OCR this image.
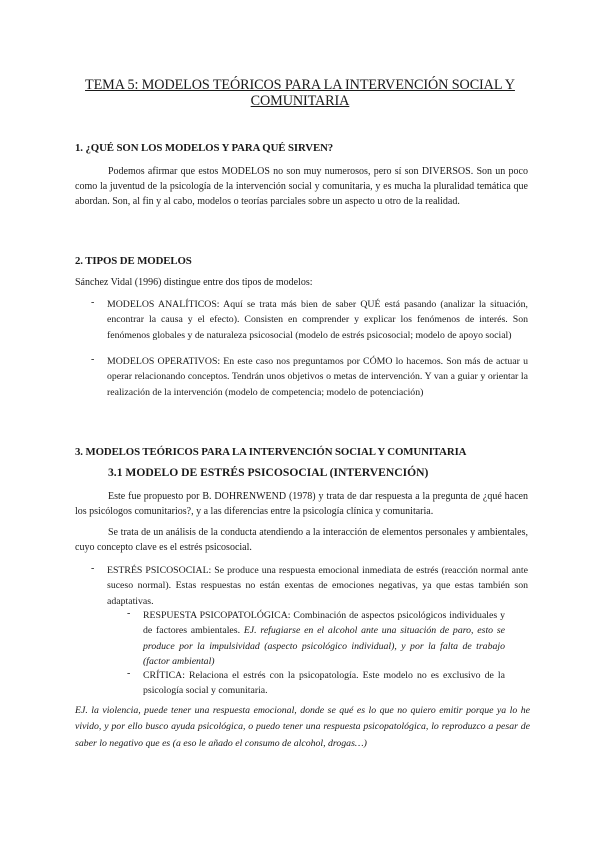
TEMA 5: MODELOS TEÓRICOS PARA LA INTERVENCIÓN SOCIAL Y COMUNITARIA
1. ¿QUÉ SON LOS MODELOS Y PARA QUÉ SIRVEN?

Podemos afirmar que estos MODELOS no son muy numerosos, pero sí son DIVERSOS. Son un poco como la juventud de la psicología de la intervención social y comunitaria, y es mucha la pluralidad temática que abordan. Son, al fin y al cabo, modelos o teorías parciales sobre un aspecto u otro de la realidad.

2. TIPOS DE MODELOS

Sánchez Vidal (1996) distingue entre dos tipos de modelos:

- MODELOS ANALÍTICOS: Aquí se trata más bien de saber QUÉ está pasando (analizar la situación, encontrar la causa y el efecto). Consisten en comprender y explicar los fenómenos de interés. Son fenómenos globales y de naturaleza psicosocial (modelo de estrés psicosocial; modelo de apoyo social)

- MODELOS OPERATIVOS: En este caso nos preguntamos por CÓMO lo hacemos. Son más de actuar u operar relacionando conceptos. Tendrán unos objetivos o metas de intervención. Y van a guiar y orientar la realización de la intervención (modelo de competencia; modelo de potenciación)

3. MODELOS TEÓRICOS PARA LA INTERVENCIÓN SOCIAL Y COMUNITARIA
3.1 MODELO DE ESTRÉS PSICOSOCIAL (INTERVENCIÓN)

Este fue propuesto por B. DOHRENWEND (1978) y trata de dar respuesta a la pregunta de ¿qué hacen los psicólogos comunitarios?, y a las diferencias entre la psicología clínica y comunitaria.

Se trata de un análisis de la conducta atendiendo a la interacción de elementos personales y ambientales, cuyo concepto clave es el estrés psicosocial.

- ESTRÉS PSICOSOCIAL: Se produce una respuesta emocional inmediata de estrés (reacción normal ante suceso normal). Estas respuestas no están exentas de emociones negativas, ya que estas también son adaptativas.

- RESPUESTA PSICOPATOLÓGICA: Combinación de aspectos psicológicos individuales y de factores ambientales. EJ. refugiarse en el alcohol ante una situación de paro, esto se produce por la impulsividad (aspecto psicológico individual), y por la falta de trabajo (factor ambiental)

- CRÍTICA: Relaciona el estrés con la psicopatología. Este modelo no es exclusivo de la psicología social y comunitaria.

EJ. la violencia, puede tener una respuesta emocional, donde se qué es lo que no quiero emitir porque ya lo he vivido, y por ello busco ayuda psicológica, o puedo tener una respuesta psicopatológica, lo reproduzco a pesar de saber lo negativo que es (a eso le añado el consumo de alcohol, drogas…)
